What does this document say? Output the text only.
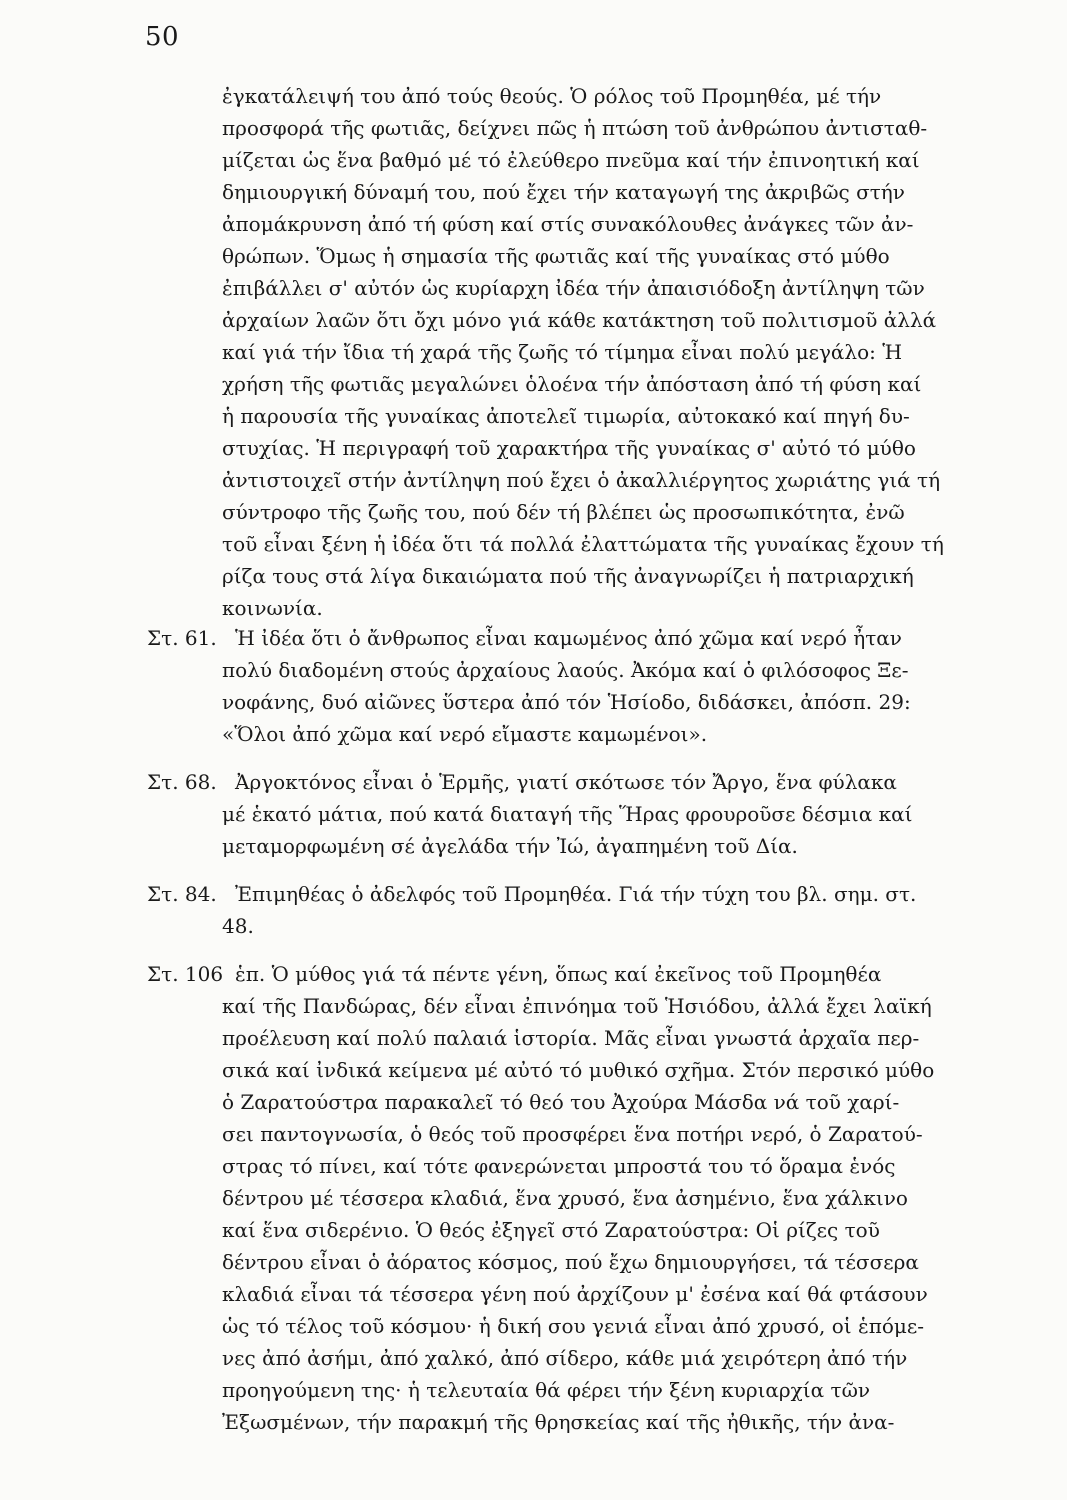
50
ἐγκατάλειψή του ἀπό τούς θεούς. Ὁ ρόλος τοῦ Προμηθέα, μέ τήν
προσφορά τῆς φωτιᾶς, δείχνει πῶς ἡ πτώση τοῦ ἀνθρώπου ἀντισταθ-
μίζεται ὡς ἕνα βαθμό μέ τό ἐλεύθερο πνεῦμα καί τήν ἐπινοητική καί
δημιουργική δύναμή του, πού ἔχει τήν καταγωγή της ἀκριβῶς στήν
ἀπομάκρυνση ἀπό τή φύση καί στίς συνακόλουθες ἀνάγκες τῶν ἀν-
θρώπων. Ὅμως ἡ σημασία τῆς φωτιᾶς καί τῆς γυναίκας στό μύθο
ἐπιβάλλει σ' αὐτόν ὡς κυρίαρχη ἰδέα τήν ἀπαισιόδοξη ἀντίληψη τῶν
ἀρχαίων λαῶν ὅτι ὄχι μόνο γιά κάθε κατάκτηση τοῦ πολιτισμοῦ ἀλλά
καί γιά τήν ἴδια τή χαρά τῆς ζωῆς τό τίμημα εἶναι πολύ μεγάλο: Ἡ
χρήση τῆς φωτιᾶς μεγαλώνει ὁλοένα τήν ἀπόσταση ἀπό τή φύση καί
ἡ παρουσία τῆς γυναίκας ἀποτελεῖ τιμωρία, αὐτοκακό καί πηγή δυ-
στυχίας. Ἡ περιγραφή τοῦ χαρακτήρα τῆς γυναίκας σ' αὐτό τό μύθο
ἀντιστοιχεῖ στήν ἀντίληψη πού ἔχει ὁ ἀκαλλιέργητος χωριάτης γιά τή
σύντροφο τῆς ζωῆς του, πού δέν τή βλέπει ὡς προσωπικότητα, ἐνῶ
τοῦ εἶναι ξένη ἡ ἰδέα ὅτι τά πολλά ἐλαττώματα τῆς γυναίκας ἔχουν τή
ρίζα τους στά λίγα δικαιώματα πού τῆς ἀναγνωρίζει ἡ πατριαρχική
κοινωνία.
Στ. 61. Ἡ ἰδέα ὅτι ὁ ἄνθρωπος εἶναι καμωμένος ἀπό χῶμα καί νερό ἦταν
πολύ διαδομένη στούς ἀρχαίους λαούς. Ἀκόμα καί ὁ φιλόσοφος Ξε-
νοφάνης, δυό αἰῶνες ὕστερα ἀπό τόν Ἡσίοδο, διδάσκει, ἀπόσπ. 29:
«Ὅλοι ἀπό χῶμα καί νερό εἴμαστε καμωμένοι».
Στ. 68. Ἀργοκτόνος εἶναι ὁ Ἑρμῆς, γιατί σκότωσε τόν Ἄργο, ἕνα φύλακα
μέ ἑκατό μάτια, πού κατά διαταγή τῆς Ἥρας φρουροῦσε δέσμια καί
μεταμορφωμένη σέ ἀγελάδα τήν Ἰώ, ἀγαπημένη τοῦ Δία.
Στ. 84. Ἐπιμηθέας ὁ ἀδελφός τοῦ Προμηθέα. Γιά τήν τύχη του βλ. σημ. στ.
48.
Στ. 106 ἑπ. Ὁ μύθος γιά τά πέντε γένη, ὅπως καί ἐκεῖνος τοῦ Προμηθέα
καί τῆς Πανδώρας, δέν εἶναι ἐπινόημα τοῦ Ἡσιόδου, ἀλλά ἔχει λαϊκή
προέλευση καί πολύ παλαιά ἱστορία. Μᾶς εἶναι γνωστά ἀρχαῖα περ-
σικά καί ἰνδικά κείμενα μέ αὐτό τό μυθικό σχῆμα. Στόν περσικό μύθο
ὁ Ζαρατούστρα παρακαλεῖ τό θεό του Ἀχούρα Μάσδα νά τοῦ χαρί-
σει παντογνωσία, ὁ θεός τοῦ προσφέρει ἕνα ποτήρι νερό, ὁ Ζαρατού-
στρας τό πίνει, καί τότε φανερώνεται μπροστά του τό ὅραμα ἑνός
δέντρου μέ τέσσερα κλαδιά, ἕνα χρυσό, ἕνα ἀσημένιο, ἕνα χάλκινο
καί ἕνα σιδερένιο. Ὁ θεός ἐξηγεῖ στό Ζαρατούστρα: Οἱ ρίζες τοῦ
δέντρου εἶναι ὁ ἀόρατος κόσμος, πού ἔχω δημιουργήσει, τά τέσσερα
κλαδιά εἶναι τά τέσσερα γένη πού ἀρχίζουν μ' ἐσένα καί θά φτάσουν
ὡς τό τέλος τοῦ κόσμου· ἡ δική σου γενιά εἶναι ἀπό χρυσό, οἱ ἑπόμε-
νες ἀπό ἀσήμι, ἀπό χαλκό, ἀπό σίδερο, κάθε μιά χειρότερη ἀπό τήν
προηγούμενη της· ἡ τελευταία θά φέρει τήν ξένη κυριαρχία τῶν
Ἐξωσμένων, τήν παρακμή τῆς θρησκείας καί τῆς ἠθικῆς, τήν ἀνα-
